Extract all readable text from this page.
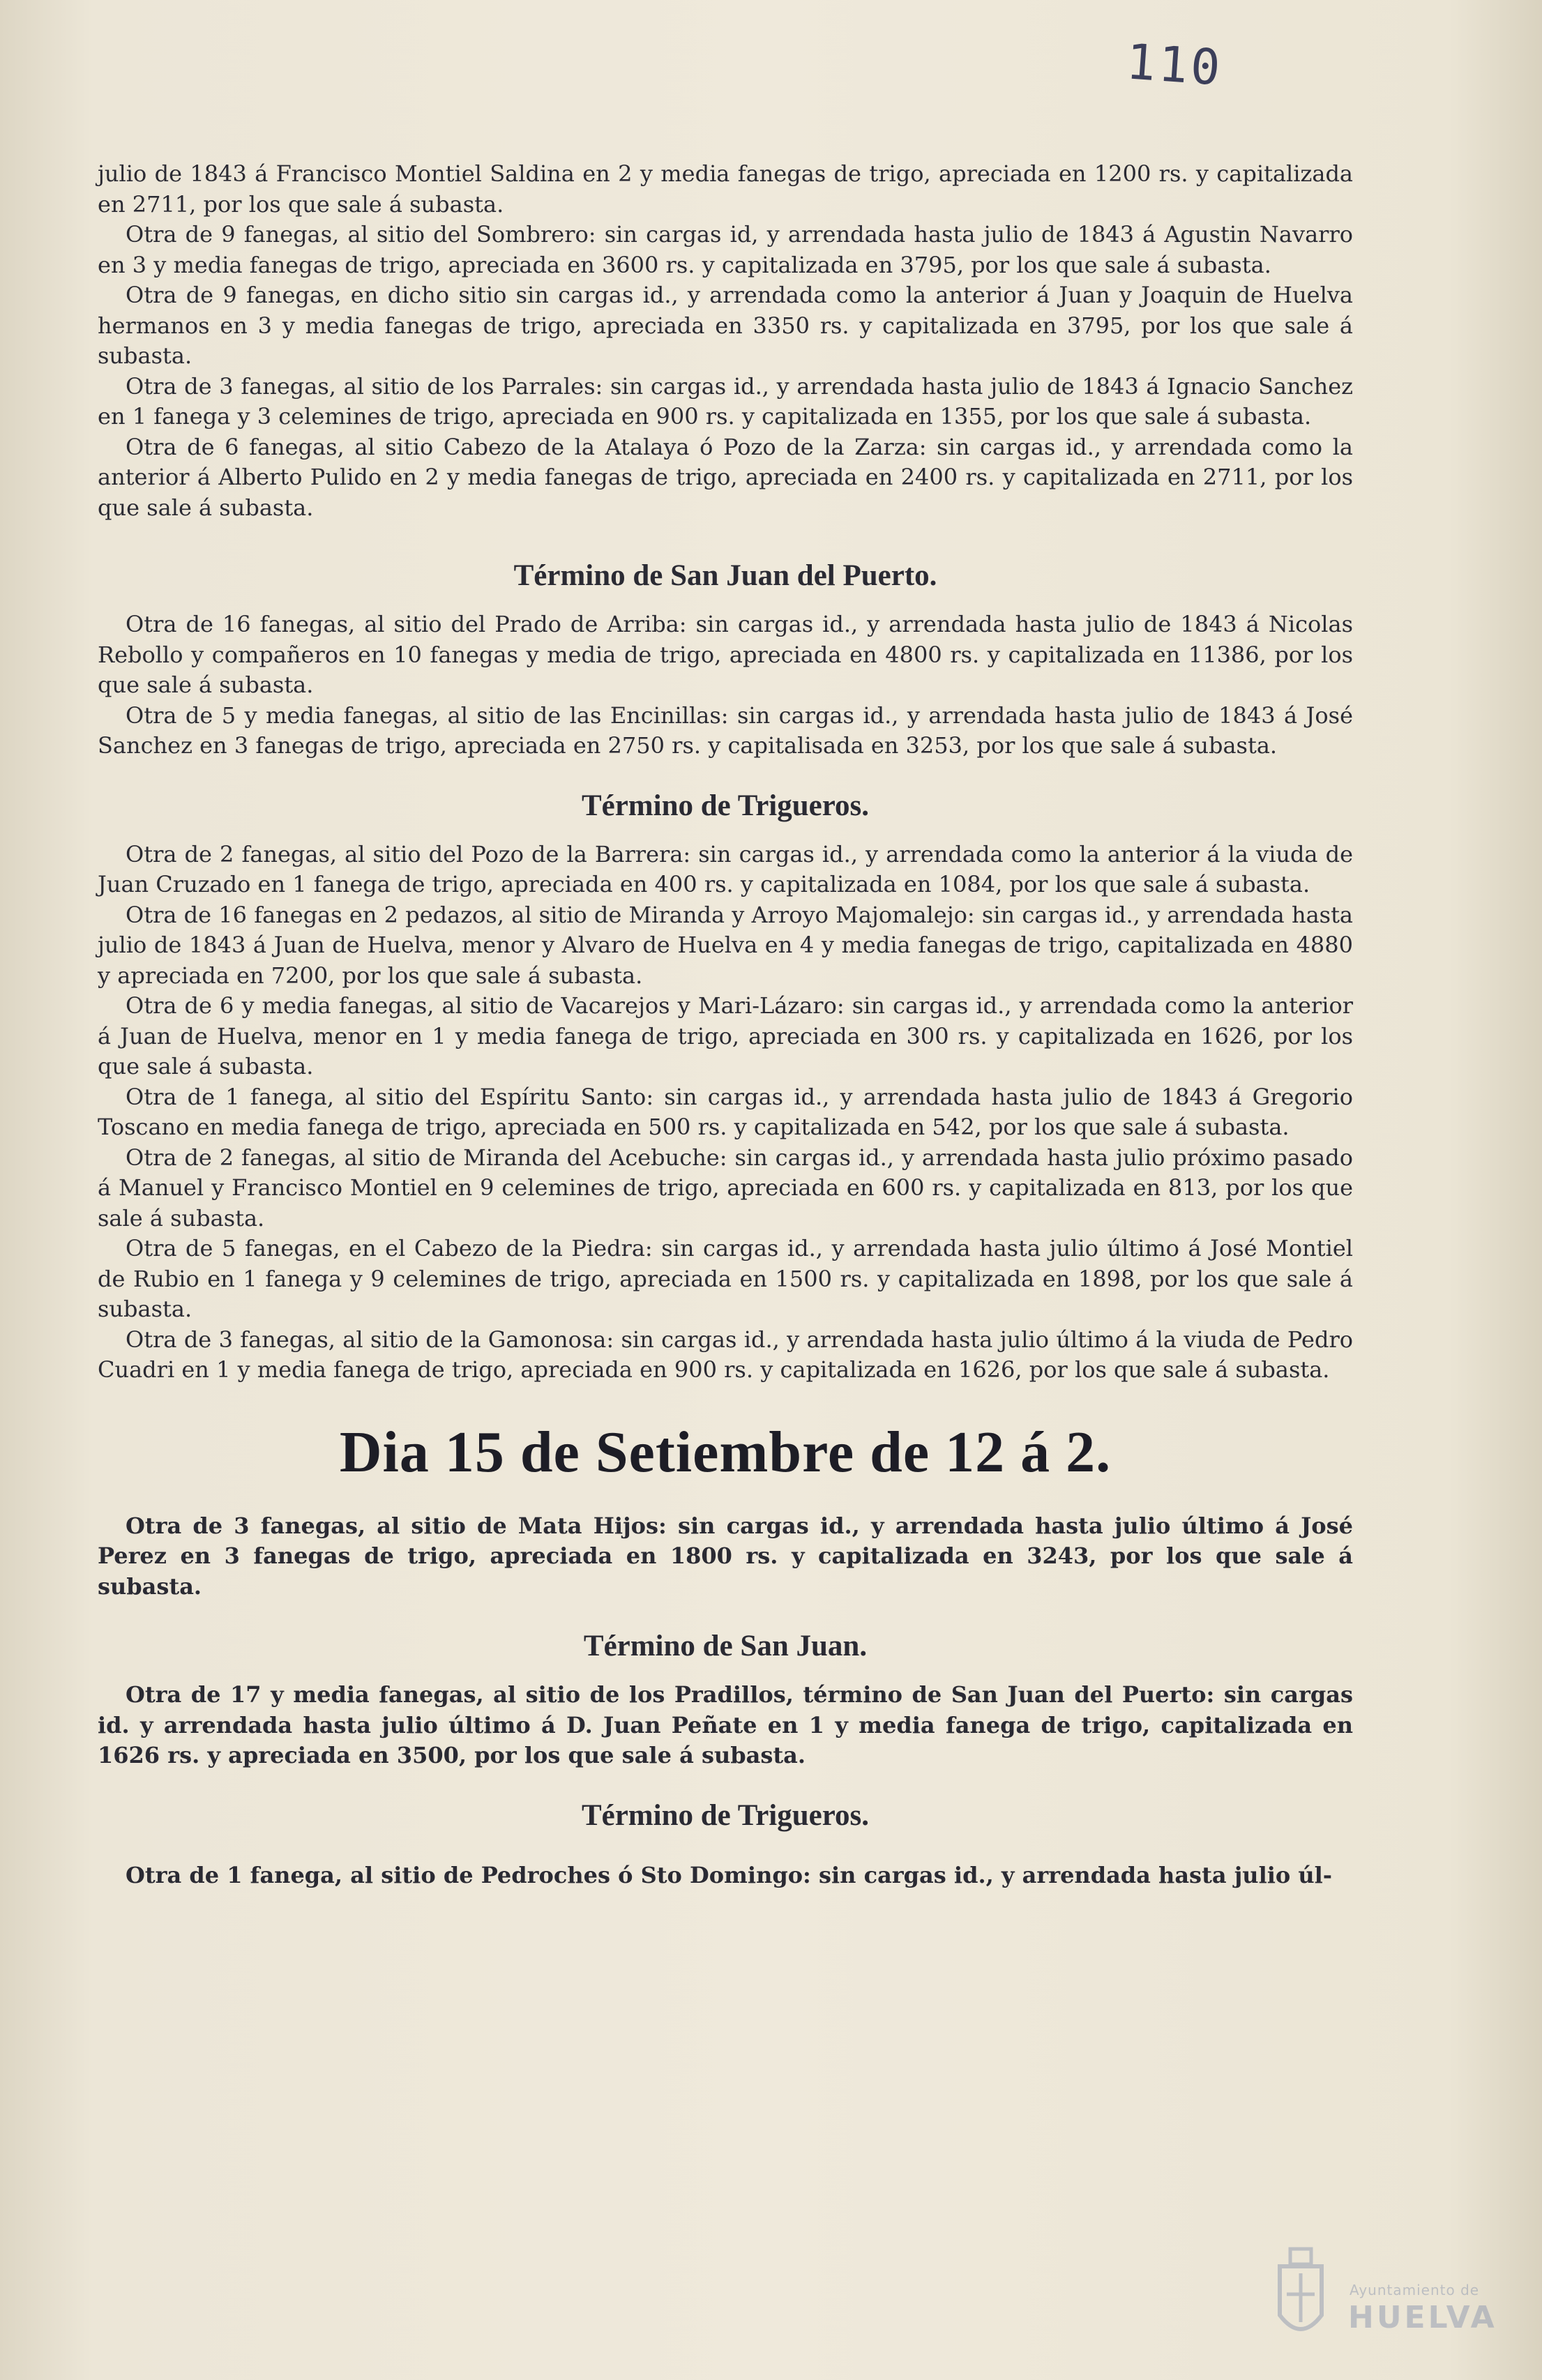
110

julio de 1843 á Francisco Montiel Saldina en 2 y media fanegas de trigo, apreciada en 1200 rs. y capitalizada en 2711, por los que sale á subasta.

Otra de 9 fanegas, al sitio del Sombrero: sin cargas id, y arrendada hasta julio de 1843 á Agustin Navarro en 3 y media fanegas de trigo, apreciada en 3600 rs. y capitalizada en 3795, por los que sale á subasta.

Otra de 9 fanegas, en dicho sitio sin cargas id., y arrendada como la anterior á Juan y Joaquin de Huelva hermanos en 3 y media fanegas de trigo, apreciada en 3350 rs. y capitalizada en 3795, por los que sale á subasta.

Otra de 3 fanegas, al sitio de los Parrales: sin cargas id., y arrendada hasta julio de 1843 á Ignacio Sanchez en 1 fanega y 3 celemines de trigo, apreciada en 900 rs. y capitalizada en 1355, por los que sale á subasta.

Otra de 6 fanegas, al sitio Cabezo de la Atalaya ó Pozo de la Zarza: sin cargas id., y arrendada como la anterior á Alberto Pulido en 2 y media fanegas de trigo, apreciada en 2400 rs. y capitalizada en 2711, por los que sale á subasta.

Término de San Juan del Puerto.

Otra de 16 fanegas, al sitio del Prado de Arriba: sin cargas id., y arrendada hasta julio de 1843 á Nicolas Rebollo y compañeros en 10 fanegas y media de trigo, apreciada en 4800 rs. y capitalizada en 11386, por los que sale á subasta.

Otra de 5 y media fanegas, al sitio de las Encinillas: sin cargas id., y arrendada hasta julio de 1843 á José Sanchez en 3 fanegas de trigo, apreciada en 2750 rs. y capitalisada en 3253, por los que sale á subasta.

Término de Trigueros.

Otra de 2 fanegas, al sitio del Pozo de la Barrera: sin cargas id., y arrendada como la anterior á la viuda de Juan Cruzado en 1 fanega de trigo, apreciada en 400 rs. y capitalizada en 1084, por los que sale á subasta.

Otra de 16 fanegas en 2 pedazos, al sitio de Miranda y Arroyo Majomalejo: sin cargas id., y arrendada hasta julio de 1843 á Juan de Huelva, menor y Alvaro de Huelva en 4 y media fanegas de trigo, capitalizada en 4880 y apreciada en 7200, por los que sale á subasta.

Otra de 6 y media fanegas, al sitio de Vacarejos y Mari-Lázaro: sin cargas id., y arrendada como la anterior á Juan de Huelva, menor en 1 y media fanega de trigo, apreciada en 300 rs. y capitalizada en 1626, por los que sale á subasta.

Otra de 1 fanega, al sitio del Espíritu Santo: sin cargas id., y arrendada hasta julio de 1843 á Gregorio Toscano en media fanega de trigo, apreciada en 500 rs. y capitalizada en 542, por los que sale á subasta.

Otra de 2 fanegas, al sitio de Miranda del Acebuche: sin cargas id., y arrendada hasta julio próximo pasado á Manuel y Francisco Montiel en 9 celemines de trigo, apreciada en 600 rs. y capitalizada en 813, por los que sale á subasta.

Otra de 5 fanegas, en el Cabezo de la Piedra: sin cargas id., y arrendada hasta julio último á José Montiel de Rubio en 1 fanega y 9 celemines de trigo, apreciada en 1500 rs. y capitalizada en 1898, por los que sale á subasta.

Otra de 3 fanegas, al sitio de la Gamonosa: sin cargas id., y arrendada hasta julio último á la viuda de Pedro Cuadri en 1 y media fanega de trigo, apreciada en 900 rs. y capitalizada en 1626, por los que sale á subasta.

Dia 15 de Setiembre de 12 á 2.

Otra de 3 fanegas, al sitio de Mata Hijos: sin cargas id., y arrendada hasta julio último á José Perez en 3 fanegas de trigo, apreciada en 1800 rs. y capitalizada en 3243, por los que sale á subasta.

Término de San Juan.

Otra de 17 y media fanegas, al sitio de los Pradillos, término de San Juan del Puerto: sin cargas id. y arrendada hasta julio último á D. Juan Peñate en 1 y media fanega de trigo, capitalizada en 1626 rs. y apreciada en 3500, por los que sale á subasta.

Término de Trigueros.

Otra de 1 fanega, al sitio de Pedroches ó Sto Domingo: sin cargas id., y arrendada hasta julio úl-

Ayuntamiento de
HUELVA
